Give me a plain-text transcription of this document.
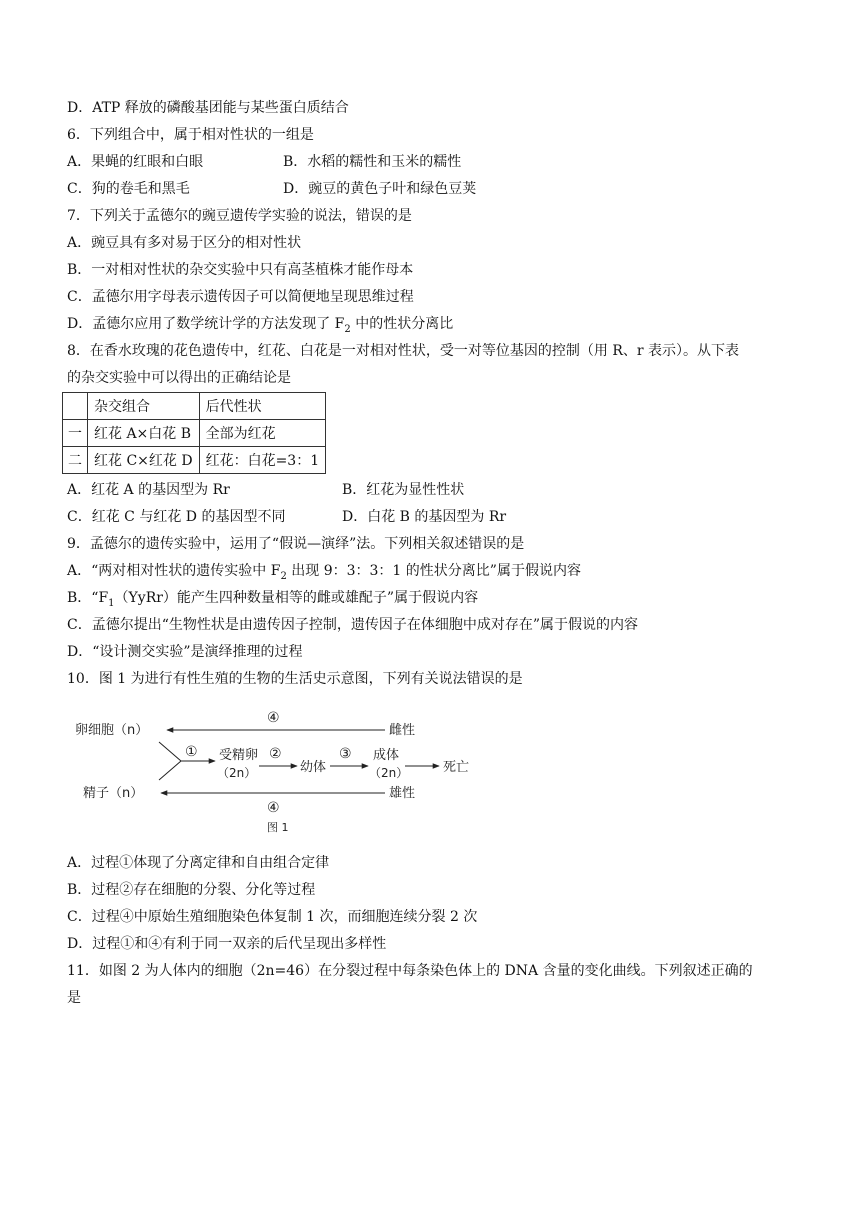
D．ATP 释放的磷酸基团能与某些蛋白质结合
6．下列组合中，属于相对性状的一组是
A．果蝇的红眼和白眼	B．水稻的糯性和玉米的糯性
C．狗的卷毛和黑毛	D．豌豆的黄色子叶和绿色豆荚
7．下列关于孟德尔的豌豆遗传学实验的说法，错误的是
A．豌豆具有多对易于区分的相对性状
B．一对相对性状的杂交实验中只有高茎植株才能作母本
C．孟德尔用字母表示遗传因子可以简便地呈现思维过程
D．孟德尔应用了数学统计学的方法发现了 $F_2$ 中的性状分离比
8．在香水玫瑰的花色遗传中，红花、白花是一对相对性状，受一对等位基因的控制（用 R、r 表示）。从下表
的杂交实验中可以得出的正确结论是
	杂交组合	后代性状
一	红花 A×白花 B	全部为红花
二	红花 C×红花 D	红花：白花=3：1
A．红花 A 的基因型为 Rr	B．红花为显性性状
C．红花 C 与红花 D 的基因型不同	D．白花 B 的基因型为 Rr
9．孟德尔的遗传实验中，运用了“假说—演绎”法。下列相关叙述错误的是
A．“两对相对性状的遗传实验中 $F_2$ 出现 9：3：3：1 的性状分离比”属于假说内容
B．“$F_1(YyRr)$能产生四种数量相等的雌或雄配子”属于假说内容
C．孟德尔提出“生物性状是由遗传因子控制，遗传因子在体细胞中成对存在”属于假说的内容
D．“设计测交实验”是演绎推理的过程
10．图 1 为进行有性生殖的生物的生活史示意图，下列有关说法错误的是
卵细胞（n）
精子（n）
雌性
雄性
④
④
① 受精卵
（2n）
②
幼体
③ 成体
（2n）	死亡
图 1
A．过程①体现了分离定律和自由组合定律
B．过程②存在细胞的分裂、分化等过程
C．过程④中原始生殖细胞染色体复制 1 次，而细胞连续分裂 2 次
D．过程①和④有利于同一双亲的后代呈现出多样性
11．如图 2 为人体内的细胞（2n=46）在分裂过程中每条染色体上的 DNA 含量的变化曲线。下列叙述正确的
是
